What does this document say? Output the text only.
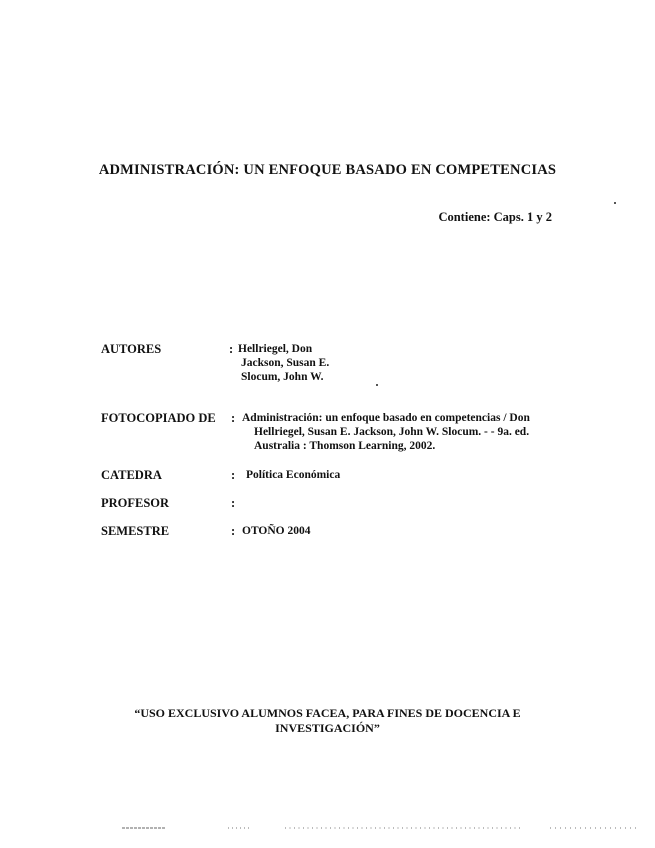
ADMINISTRACIÓN: UN ENFOQUE BASADO EN COMPETENCIAS
Contiene: Caps. 1 y 2
AUTORES	: Hellriegel, Don
Jackson, Susan E.
Slocum, John W.
FOTOCOPIADO DE : Administración: un enfoque basado en competencias / Don
Hellriegel, Susan E. Jackson, John W. Slocum. - - 9a. ed.
Australia : Thomson Learning, 2002.
CATEDRA	: Política Económica
PROFESOR	:
SEMESTRE	: OTOÑO 2004
“USO EXCLUSIVO ALUMNOS FACEA, PARA FINES DE DOCENCIA E
INVESTIGACIÓN”
